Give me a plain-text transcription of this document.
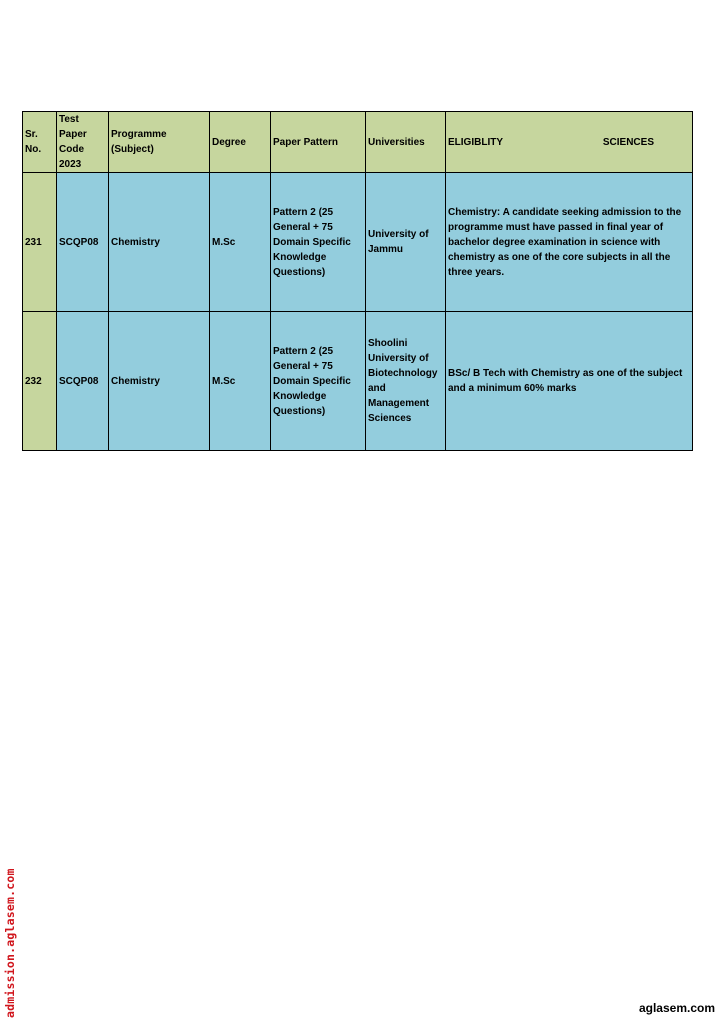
Sr. No.	Test Paper Code 2023	Programme (Subject)	Degree	Paper Pattern	Universities	ELIGIBLITY SCIENCES

231	SCQP08	Chemistry	M.Sc	Pattern 2 (25 General + 75 Domain Specific Knowledge Questions)	University of Jammu	Chemistry: A candidate seeking admission to the programme must have passed in final year of bachelor degree examination in science with chemistry as one of the core subjects in all the three years.
232	SCQP08	Chemistry	M.Sc	Pattern 2 (25 General + 75 Domain Specific Knowledge Questions)	Shoolini University of Biotechnology and Management Sciences	BSc/ B Tech with Chemistry as one of the subject and a minimum 60% marks
admission.aglasem.com	aglasem.com
